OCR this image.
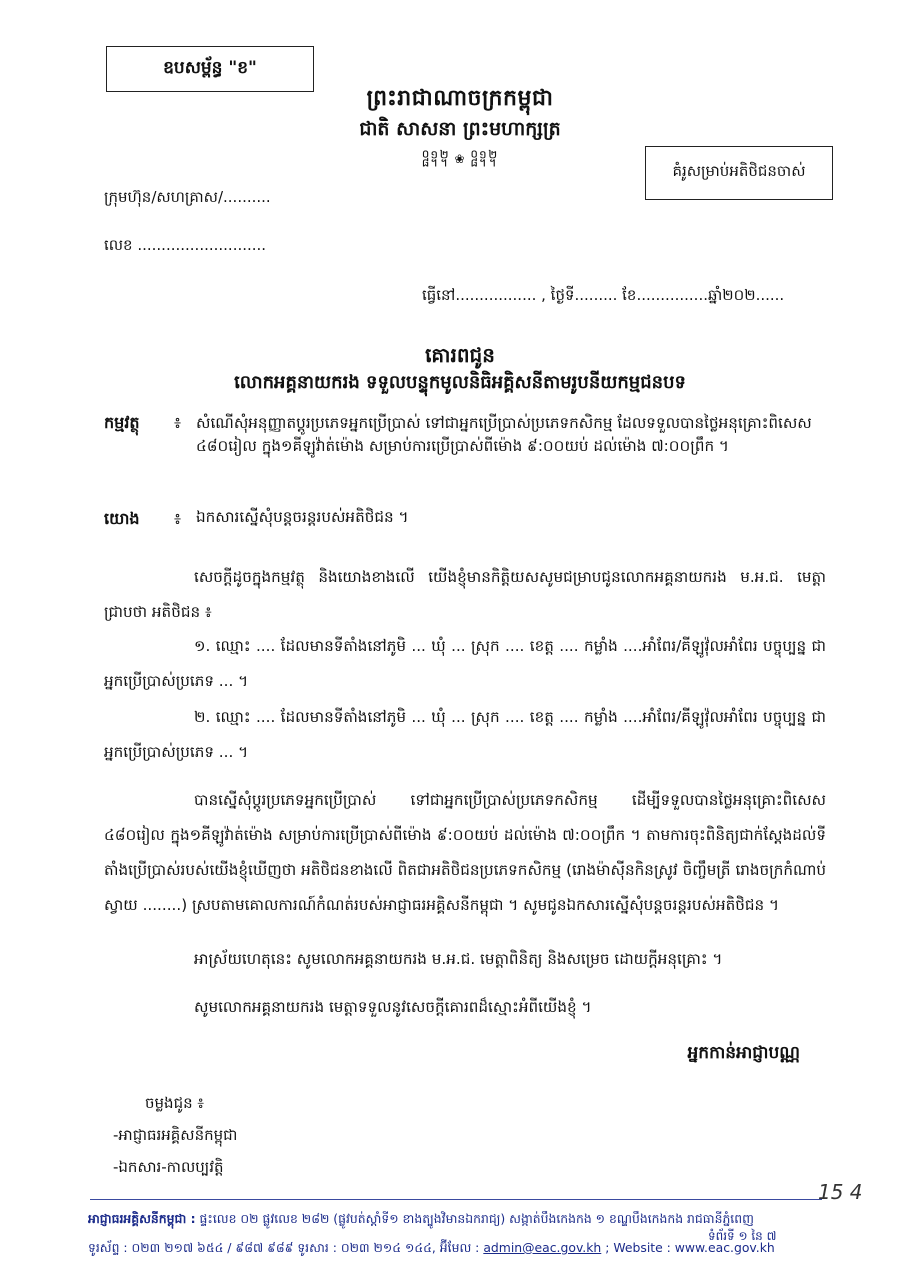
ឧបសម្ព័ន្ធ "ខ"
ព្រះរាជាណាចក្រកម្ពុជា
ជាតិ សាសនា ព្រះមហាក្សត្រ
᧠᧡᧢ ❀ ᧠᧡᧢
គំរូសម្រាប់អតិថិជនចាស់
ក្រុមហ៊ុន/សហគ្រាស/..........
លេខ ...........................
ធ្វើនៅ................. , ថ្ងៃទី......... ខែ...............ឆ្នាំ២០២......
គោរពជូន
លោកអគ្គនាយករង ទទួលបន្ទុកមូលនិធិអគ្គិសនីតាមរូបនីយកម្មជនបទ
កម្មវត្ថុ ៖ សំណើសុំអនុញ្ញាតប្តូរប្រភេទអ្នកប្រើប្រាស់ ទៅជាអ្នកប្រើប្រាស់ប្រភេទកសិកម្ម ដែលទទួលបានថ្លៃអនុគ្រោះពិសេស ៤៨០រៀល ក្នុង១គីឡូវ៉ាត់ម៉ោង សម្រាប់ការប្រើប្រាស់ពីម៉ោង ៩:០០យប់ ដល់ម៉ោង ៧:០០ព្រឹក ។
យោង ៖ ឯកសារស្នើសុំបន្តចរន្តរបស់អតិថិជន ។
សេចក្តីដូចក្នុងកម្មវត្ថុ និងយោងខាងលើ យើងខ្ញុំមានកិត្តិយសសូមជម្រាបជូនលោកអគ្គនាយករង ម.អ.ជ. មេត្តា ជ្រាបថា អតិថិជន ៖
១. ឈ្មោះ .... ដែលមានទីតាំងនៅភូមិ ... ឃុំ ... ស្រុក .... ខេត្ត .... កម្លាំង ....អាំពែរ/គីឡូវ៉ុលអាំពែរ បច្ចុប្បន្ន ជាអ្នកប្រើប្រាស់ប្រភេទ ... ។
២. ឈ្មោះ .... ដែលមានទីតាំងនៅភូមិ ... ឃុំ ... ស្រុក .... ខេត្ត .... កម្លាំង ....អាំពែរ/គីឡូវ៉ុលអាំពែរ បច្ចុប្បន្ន ជាអ្នកប្រើប្រាស់ប្រភេទ ... ។
បានស្នើសុំប្តូរប្រភេទអ្នកប្រើប្រាស់ ទៅជាអ្នកប្រើប្រាស់ប្រភេទកសិកម្ម ដើម្បីទទួលបានថ្លៃអនុគ្រោះពិសេស ៤៨០រៀល ក្នុង១គីឡូវ៉ាត់ម៉ោង សម្រាប់ការប្រើប្រាស់ពីម៉ោង ៩:០០យប់ ដល់ម៉ោង ៧:០០ព្រឹក ។ តាមការចុះពិនិត្យជាក់ស្តែងដល់ទីតាំងប្រើប្រាស់របស់យើងខ្ញុំឃើញថា អតិថិជនខាងលើ ពិតជាអតិថិជនប្រភេទកសិកម្ម (រោងម៉ាស៊ីនកិនស្រូវ ចិញ្ចឹមត្រី រោងចក្រកំណាប់ស្វាយ ........) ស្របតាមគោលការណ៍កំណត់របស់អាជ្ញាធរអគ្គិសនីកម្ពុជា ។ សូមជូនឯកសារស្នើសុំបន្តចរន្តរបស់អតិថិជន ។
អាស្រ័យហេតុនេះ សូមលោកអគ្គនាយករង ម.អ.ជ. មេត្តាពិនិត្យ និងសម្រេច ដោយក្តីអនុគ្រោះ ។
សូមលោកអគ្គនាយករង មេត្តាទទួលនូវសេចក្តីគោរពដ៏ស្មោះអំពីយើងខ្ញុំ ។
អ្នកកាន់អាជ្ញាបណ្ណ
ចម្លងជូន ៖
-អាជ្ញាធរអគ្គិសនីកម្ពុជា
-ឯកសារ-កាលប្បវត្តិ
15 4
អាជ្ញាធរអគ្គិសនីកម្ពុជា : ផ្ទះលេខ ០២ ផ្លូវលេខ ២៨២ (ផ្លូវបត់ស្តាំទី១ ខាងត្បូងវិមានឯករាជ្យ) សង្កាត់បឹងកេងកង ១ ខណ្ឌបឹងកេងកង រាជធានីភ្នំពេញ
ទំព័រទី ១ នៃ ៧
ទូរស័ព្ទ : ០២៣ ២១៧ ៦៥៤ / ៩៨៧ ៩៨៩ ទូរសារ : ០២៣ ២១៤ ១៤៤, អ៊ីមែល : admin@eac.gov.kh ; Website : www.eac.gov.kh
